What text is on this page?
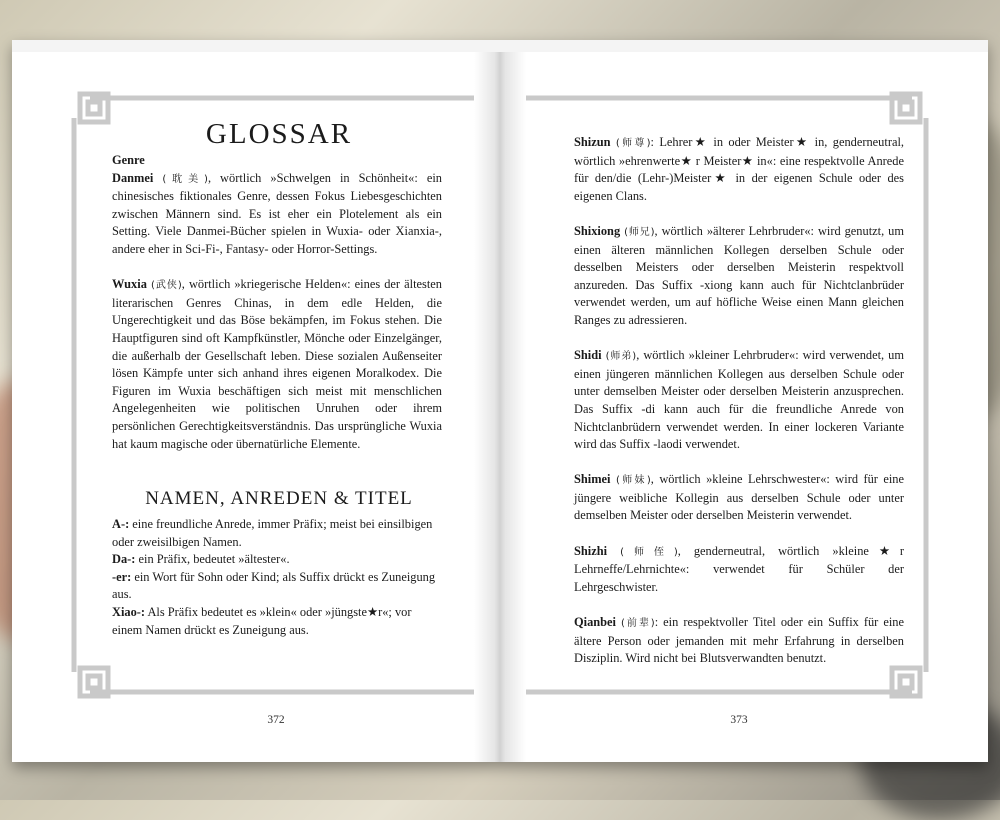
GLOSSAR

Genre

Danmei (耽美), wörtlich »Schwelgen in Schönheit«: ein chinesisches fiktionales Genre, dessen Fokus Liebesgeschichten zwischen Männern sind. Es ist eher ein Plotelement als ein Setting. Viele Danmei-Bücher spielen in Wuxia- oder Xianxia-, andere eher in Sci-Fi-, Fantasy- oder Horror-Settings.

Wuxia (武侠), wörtlich »kriegerische Helden«: eines der ältesten literarischen Genres Chinas, in dem edle Helden, die Ungerechtigkeit und das Böse bekämpfen, im Fokus stehen. Die Hauptfiguren sind oft Kampfkünstler, Mönche oder Einzelgänger, die außerhalb der Gesellschaft leben. Diese sozialen Außenseiter lösen Kämpfe unter sich anhand ihres eigenen Moralkodex. Die Figuren im Wuxia beschäftigen sich meist mit menschlichen Angelegenheiten wie politischen Unruhen oder ihrem persönlichen Gerechtigkeitsverständnis. Das ursprüngliche Wuxia hat kaum magische oder übernatürliche Elemente.

NAMEN, ANREDEN & TITEL

A-: eine freundliche Anrede, immer Präfix; meist bei einsilbigen oder zweisilbigen Namen.

Da-: ein Präfix, bedeutet »ältester«.

-er: ein Wort für Sohn oder Kind; als Suffix drückt es Zuneigung aus.

Xiao-: Als Präfix bedeutet es »klein« oder »jüngste★r«; vor einem Namen drückt es Zuneigung aus.

372

Shizun (师尊): Lehrer★ in oder Meister★ in, genderneutral, wörtlich »ehrenwerte★ r Meister★ in«: eine respektvolle Anrede für den/die (Lehr-)Meister★ in der eigenen Schule oder des eigenen Clans.

Shixiong (师兄), wörtlich »älterer Lehrbruder«: wird genutzt, um einen älteren männlichen Kollegen derselben Schule oder desselben Meisters oder derselben Meisterin respektvoll anzureden. Das Suffix -xiong kann auch für Nichtclanbrüder verwendet werden, um auf höfliche Weise einen Mann gleichen Ranges zu adressieren.

Shidi (师弟), wörtlich »kleiner Lehrbruder«: wird verwendet, um einen jüngeren männlichen Kollegen aus derselben Schule oder unter demselben Meister oder derselben Meisterin anzusprechen. Das Suffix -di kann auch für die freundliche Anrede von Nichtclanbrüdern verwendet werden. In einer lockeren Variante wird das Suffix -laodi verwendet.

Shimei (师妹), wörtlich »kleine Lehrschwester«: wird für eine jüngere weibliche Kollegin aus derselben Schule oder unter demselben Meister oder derselben Meisterin verwendet.

Shizhi (师侄), genderneutral, wörtlich »kleine★r Lehrneffe/Lehrnichte«: verwendet für Schüler der Lehrgeschwister.

Qianbei (前辈): ein respektvoller Titel oder ein Suffix für eine ältere Person oder jemanden mit mehr Erfahrung in derselben Disziplin. Wird nicht bei Blutsverwandten benutzt.

373
